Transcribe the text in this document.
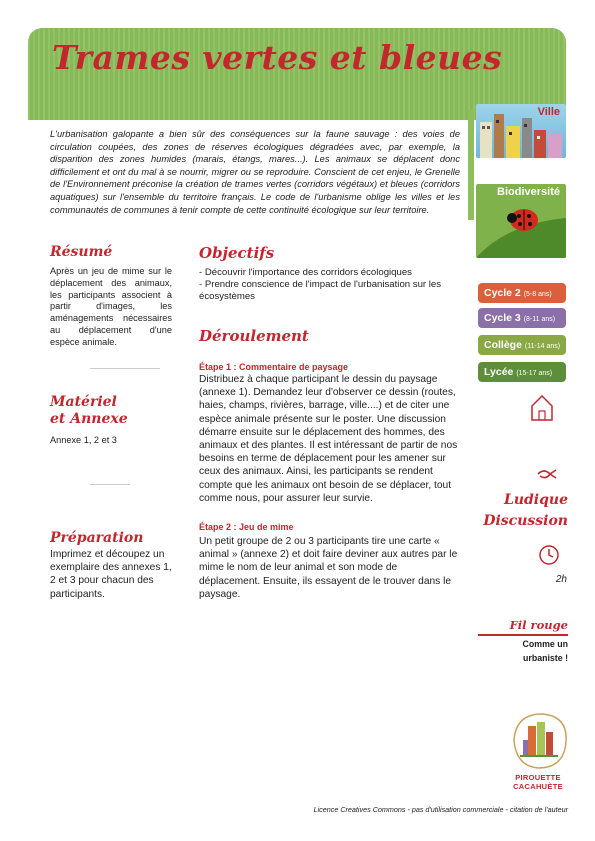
Trames vertes et bleues
L'urbanisation galopante a bien sûr des conséquences sur la faune sauvage : des voies de circulation coupées, des zones de réserves écologiques dégradées avec, par exemple, la disparition des zones humides (marais, étangs, mares...). Les animaux se déplacent donc difficilement et ont du mal à se nourrir, migrer ou se reproduire. Conscient de cet enjeu, le Grenelle de l'Environnement préconise la création de trames vertes (corridors végétaux) et bleues (corridors aquatiques) sur l'ensemble du territoire français. Le code de l'urbanisme oblige les villes et les communautés de communes à tenir compte de cette continuité écologique sur leur territoire.
Résumé
Après un jeu de mime sur le déplacement des animaux, les participants associent à partir d'images, les aménagements nécessaires au déplacement d'une espèce animale.
Matériel
et Annexe
Annexe 1, 2 et 3
Préparation
Imprimez et découpez un exemplaire des annexes 1, 2 et 3 pour chacun des participants.
Objectifs
- Découvrir l'importance des corridors écologiques
- Prendre conscience de l'impact de l'urbanisation sur les écosystèmes
Déroulement
Étape 1 : Commentaire de paysage
Distribuez à chaque participant le dessin du paysage (annexe 1). Demandez leur d'observer ce dessin (routes, haies, champs, rivières, barrage, ville....) et de citer une espèce animale présente sur le poster. Une discussion démarre ensuite sur le déplacement des hommes, des animaux et des plantes. Il est intéressant de partir de nos besoins en terme de déplacement pour les amener sur ceux des animaux. Ainsi, les participants se rendent compte que les animaux ont besoin de se déplacer, tout comme nous, pour assurer leur survie.
Étape 2 : Jeu de mime
Un petit groupe de 2 ou 3 participants tire une carte « animal » (annexe 2) et doit faire deviner aux autres par le mime le nom de leur animal et son mode de déplacement. Ensuite, ils essayent de le trouver dans le paysage.
Ville
Biodiversité
Cycle 2 (5-8 ans)
Cycle 3 (8-11 ans)
Collège (11-14 ans)
Lycée (15-17 ans)
Ludique
Discussion
2h
Fil rouge
Comme un
urbaniste !
PIROUETTE
CACAHUÈTE
Licence Creatives Commons - pas d'utilisation commerciale - citation de l'auteur
